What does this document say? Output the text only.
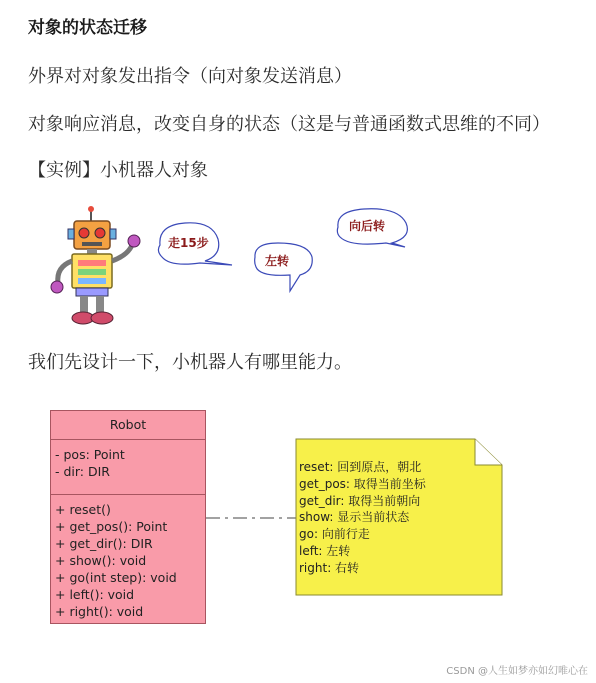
对象的状态迁移
外界对对象发出指令（向对象发送消息）
对象响应消息，改变自身的状态（这是与普通函数式思维的不同）
【实例】小机器人对象
走15步
左转
向后转
我们先设计一下，小机器人有哪里能力。
Robot
- pos: Point
- dir: DIR
+ reset()
+ get_pos(): Point
+ get_dir(): DIR
+ show(): void
+ go(int step): void
+ left(): void
+ right(): void
reset: 回到原点，朝北
get_pos: 取得当前坐标
get_dir: 取得当前朝向
show: 显示当前状态
go: 向前行走
left: 左转
right: 右转
CSDN @人生如梦亦如幻唯心在
